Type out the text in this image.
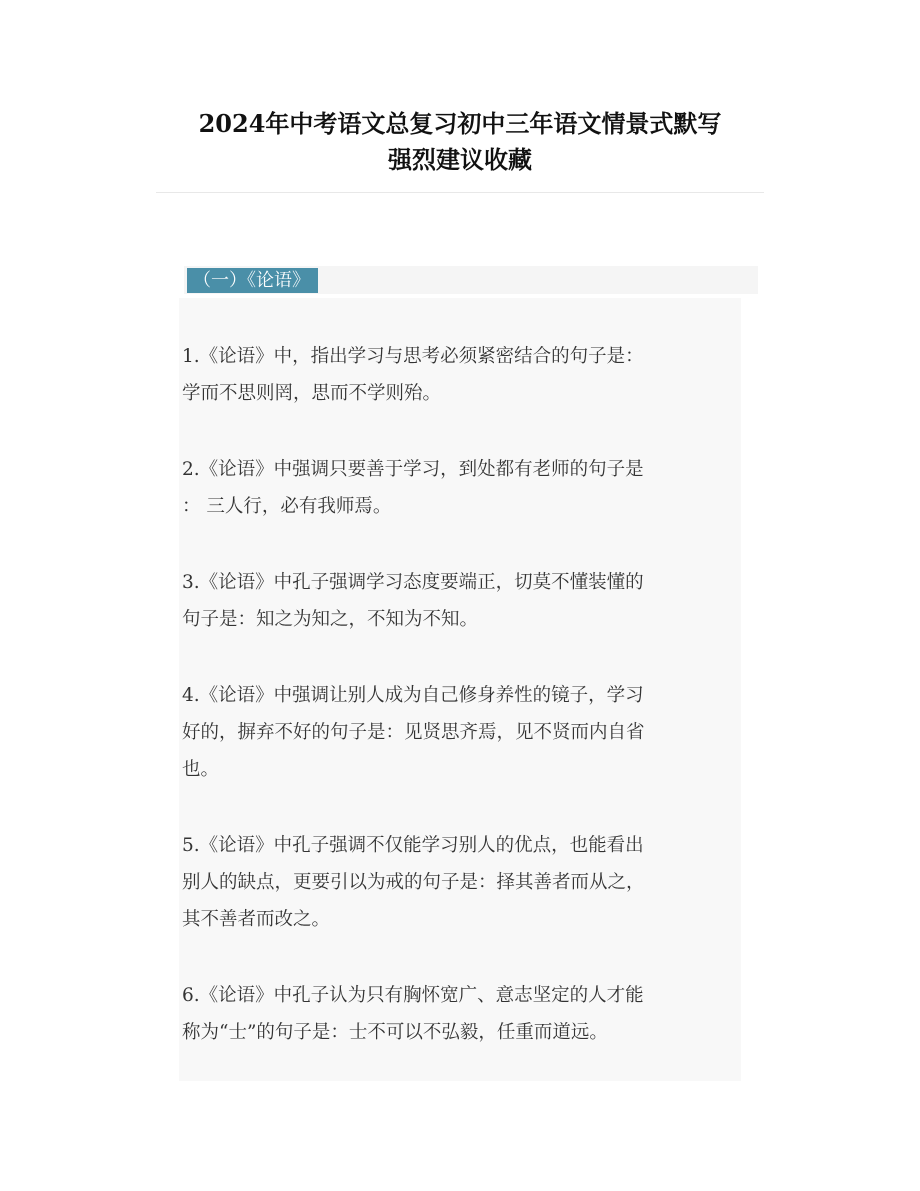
2024年中考语文总复习初中三年语文情景式默写
强烈建议收藏
（一）《论语》
1.《论语》中，指出学习与思考必须紧密结合的句子是：
学而不思则罔，思而不学则殆。
2.《论语》中强调只要善于学习，到处都有老师的句子是
： 三人行，必有我师焉。
3.《论语》中孔子强调学习态度要端正，切莫不懂装懂的
句子是：知之为知之，不知为不知。
4.《论语》中强调让别人成为自己修身养性的镜子，学习
好的，摒弃不好的句子是：见贤思齐焉，见不贤而内自省
也。
5.《论语》中孔子强调不仅能学习别人的优点，也能看出
别人的缺点，更要引以为戒的句子是：择其善者而从之，
其不善者而改之。
6.《论语》中孔子认为只有胸怀宽广、意志坚定的人才能
称为“士”的句子是：士不可以不弘毅，任重而道远。
